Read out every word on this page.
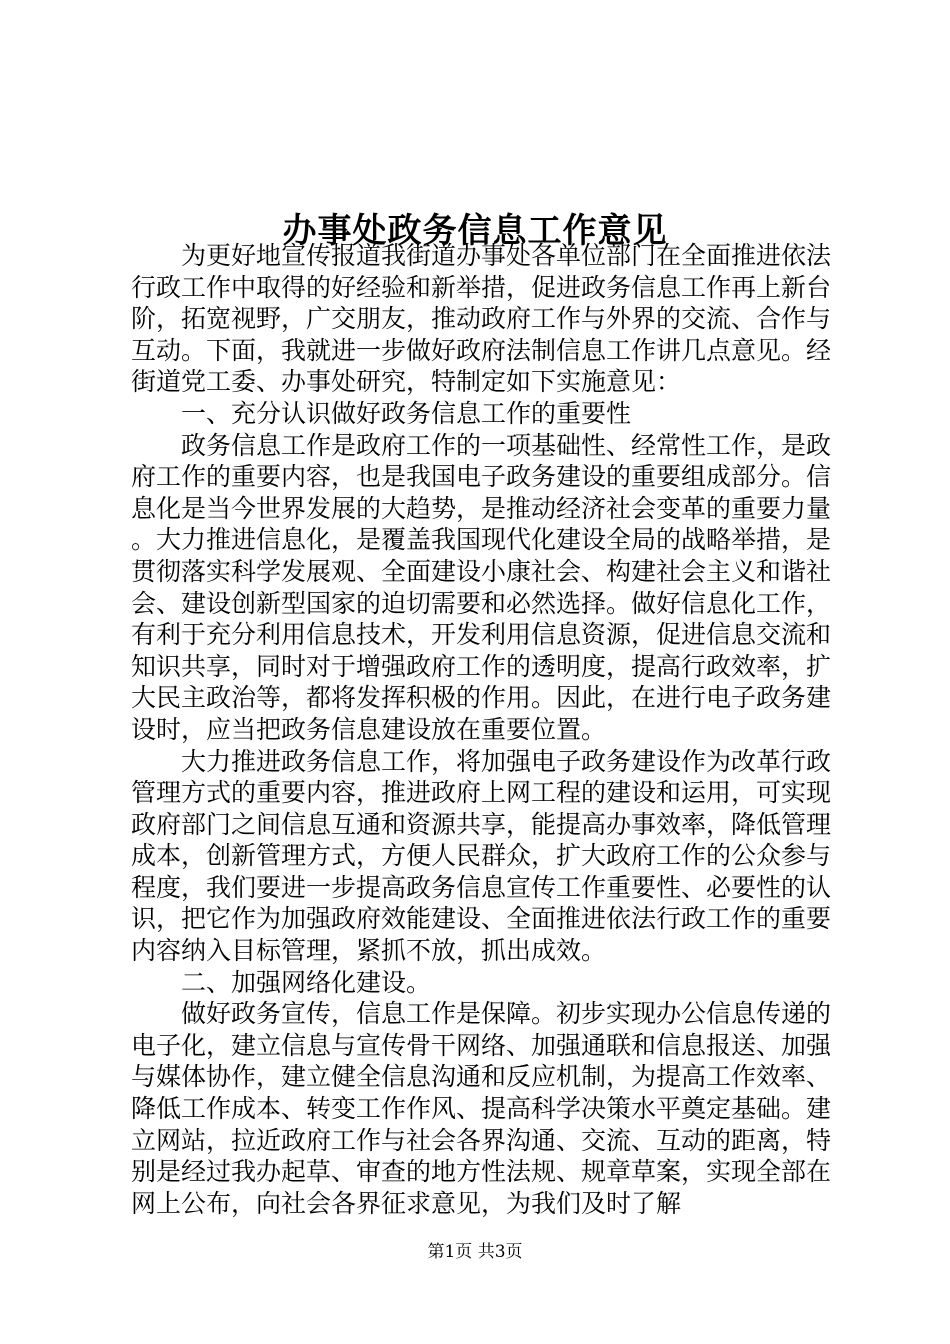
办事处政务信息工作意见

为更好地宣传报道我街道办事处各单位部门在全面推进依法行政工作中取得的好经验和新举措，促进政务信息工作再上新台阶，拓宽视野，广交朋友，推动政府工作与外界的交流、合作与互动。下面，我就进一步做好政府法制信息工作讲几点意见。经街道党工委、办事处研究，特制定如下实施意见：

一、充分认识做好政务信息工作的重要性

政务信息工作是政府工作的一项基础性、经常性工作，是政府工作的重要内容，也是我国电子政务建设的重要组成部分。信息化是当今世界发展的大趋势，是推动经济社会变革的重要力量。大力推进信息化，是覆盖我国现代化建设全局的战略举措，是贯彻落实科学发展观、全面建设小康社会、构建社会主义和谐社会、建设创新型国家的迫切需要和必然选择。做好信息化工作，有利于充分利用信息技术，开发利用信息资源，促进信息交流和知识共享，同时对于增强政府工作的透明度，提高行政效率，扩大民主政治等，都将发挥积极的作用。因此，在进行电子政务建设时，应当把政务信息建设放在重要位置。

大力推进政务信息工作，将加强电子政务建设作为改革行政管理方式的重要内容，推进政府上网工程的建设和运用，可实现政府部门之间信息互通和资源共享，能提高办事效率，降低管理成本，创新管理方式，方便人民群众，扩大政府工作的公众参与程度，我们要进一步提高政务信息宣传工作重要性、必要性的认识，把它作为加强政府效能建设、全面推进依法行政工作的重要内容纳入目标管理，紧抓不放，抓出成效。

二、加强网络化建设。

做好政务宣传，信息工作是保障。初步实现办公信息传递的电子化，建立信息与宣传骨干网络、加强通联和信息报送、加强与媒体协作，建立健全信息沟通和反应机制，为提高工作效率、降低工作成本、转变工作作风、提高科学决策水平奠定基础。建立网站，拉近政府工作与社会各界沟通、交流、互动的距离，特别是经过我办起草、审查的地方性法规、规章草案，实现全部在网上公布，向社会各界征求意见，为我们及时了解

第1页 共3页
